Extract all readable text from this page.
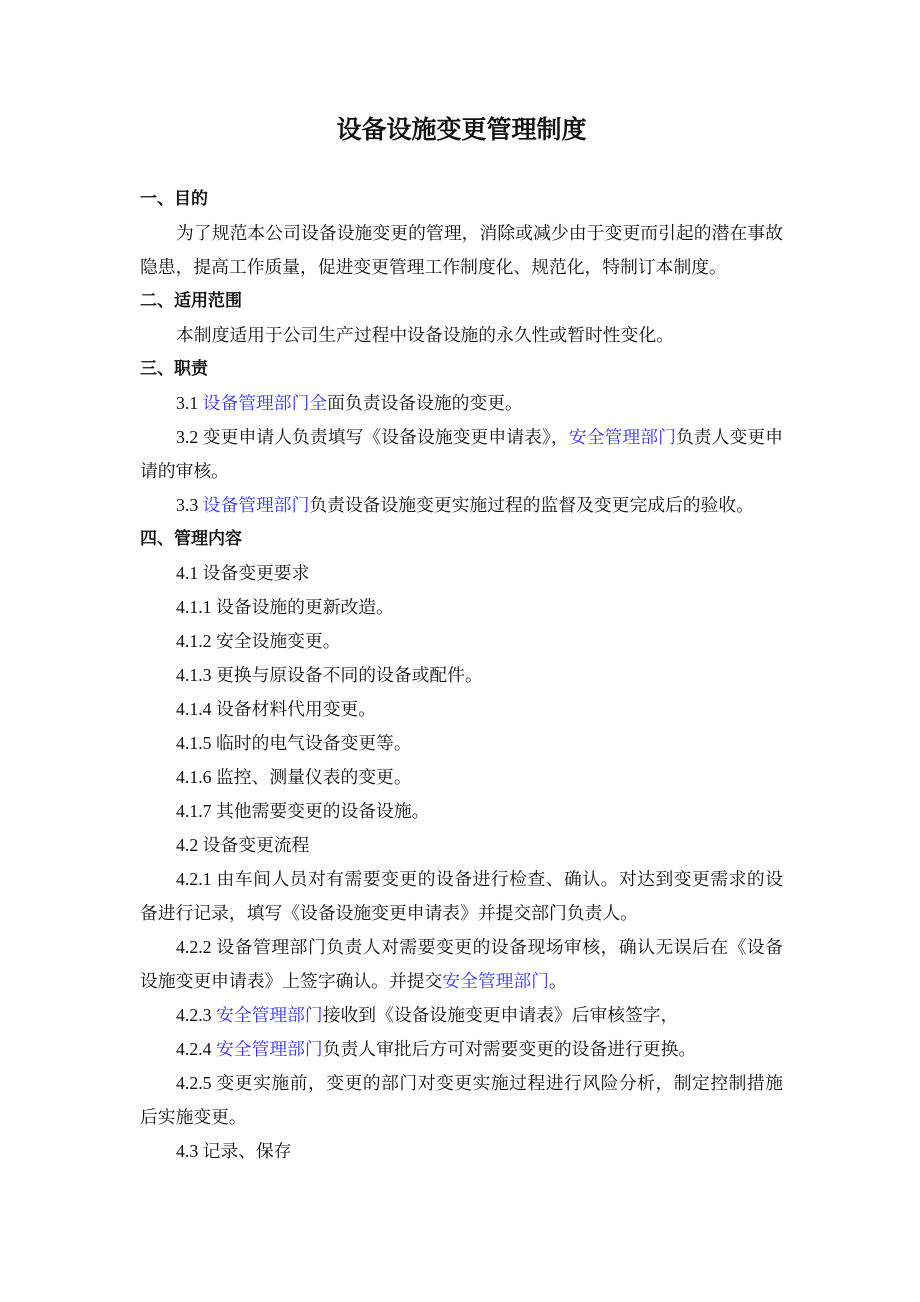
设备设施变更管理制度
一、目的
为了规范本公司设备设施变更的管理，消除或减少由于变更而引起的潜在事故隐患，提高工作质量，促进变更管理工作制度化、规范化，特制订本制度。
二、适用范围
本制度适用于公司生产过程中设备设施的永久性或暂时性变化。
三、职责
3.1 设备管理部门全面负责设备设施的变更。
3.2 变更申请人负责填写《设备设施变更申请表》，安全管理部门负责人变更申请的审核。
3.3 设备管理部门负责设备设施变更实施过程的监督及变更完成后的验收。
四、管理内容
4.1 设备变更要求
4.1.1 设备设施的更新改造。
4.1.2 安全设施变更。
4.1.3 更换与原设备不同的设备或配件。
4.1.4 设备材料代用变更。
4.1.5 临时的电气设备变更等。
4.1.6 监控、测量仪表的变更。
4.1.7 其他需要变更的设备设施。
4.2 设备变更流程
4.2.1 由车间人员对有需要变更的设备进行检查、确认。对达到变更需求的设备进行记录，填写《设备设施变更申请表》并提交部门负责人。
4.2.2 设备管理部门负责人对需要变更的设备现场审核，确认无误后在《设备设施变更申请表》上签字确认。并提交安全管理部门。
4.2.3 安全管理部门接收到《设备设施变更申请表》后审核签字，
4.2.4 安全管理部门负责人审批后方可对需要变更的设备进行更换。
4.2.5 变更实施前，变更的部门对变更实施过程进行风险分析，制定控制措施后实施变更。
4.3 记录、保存
